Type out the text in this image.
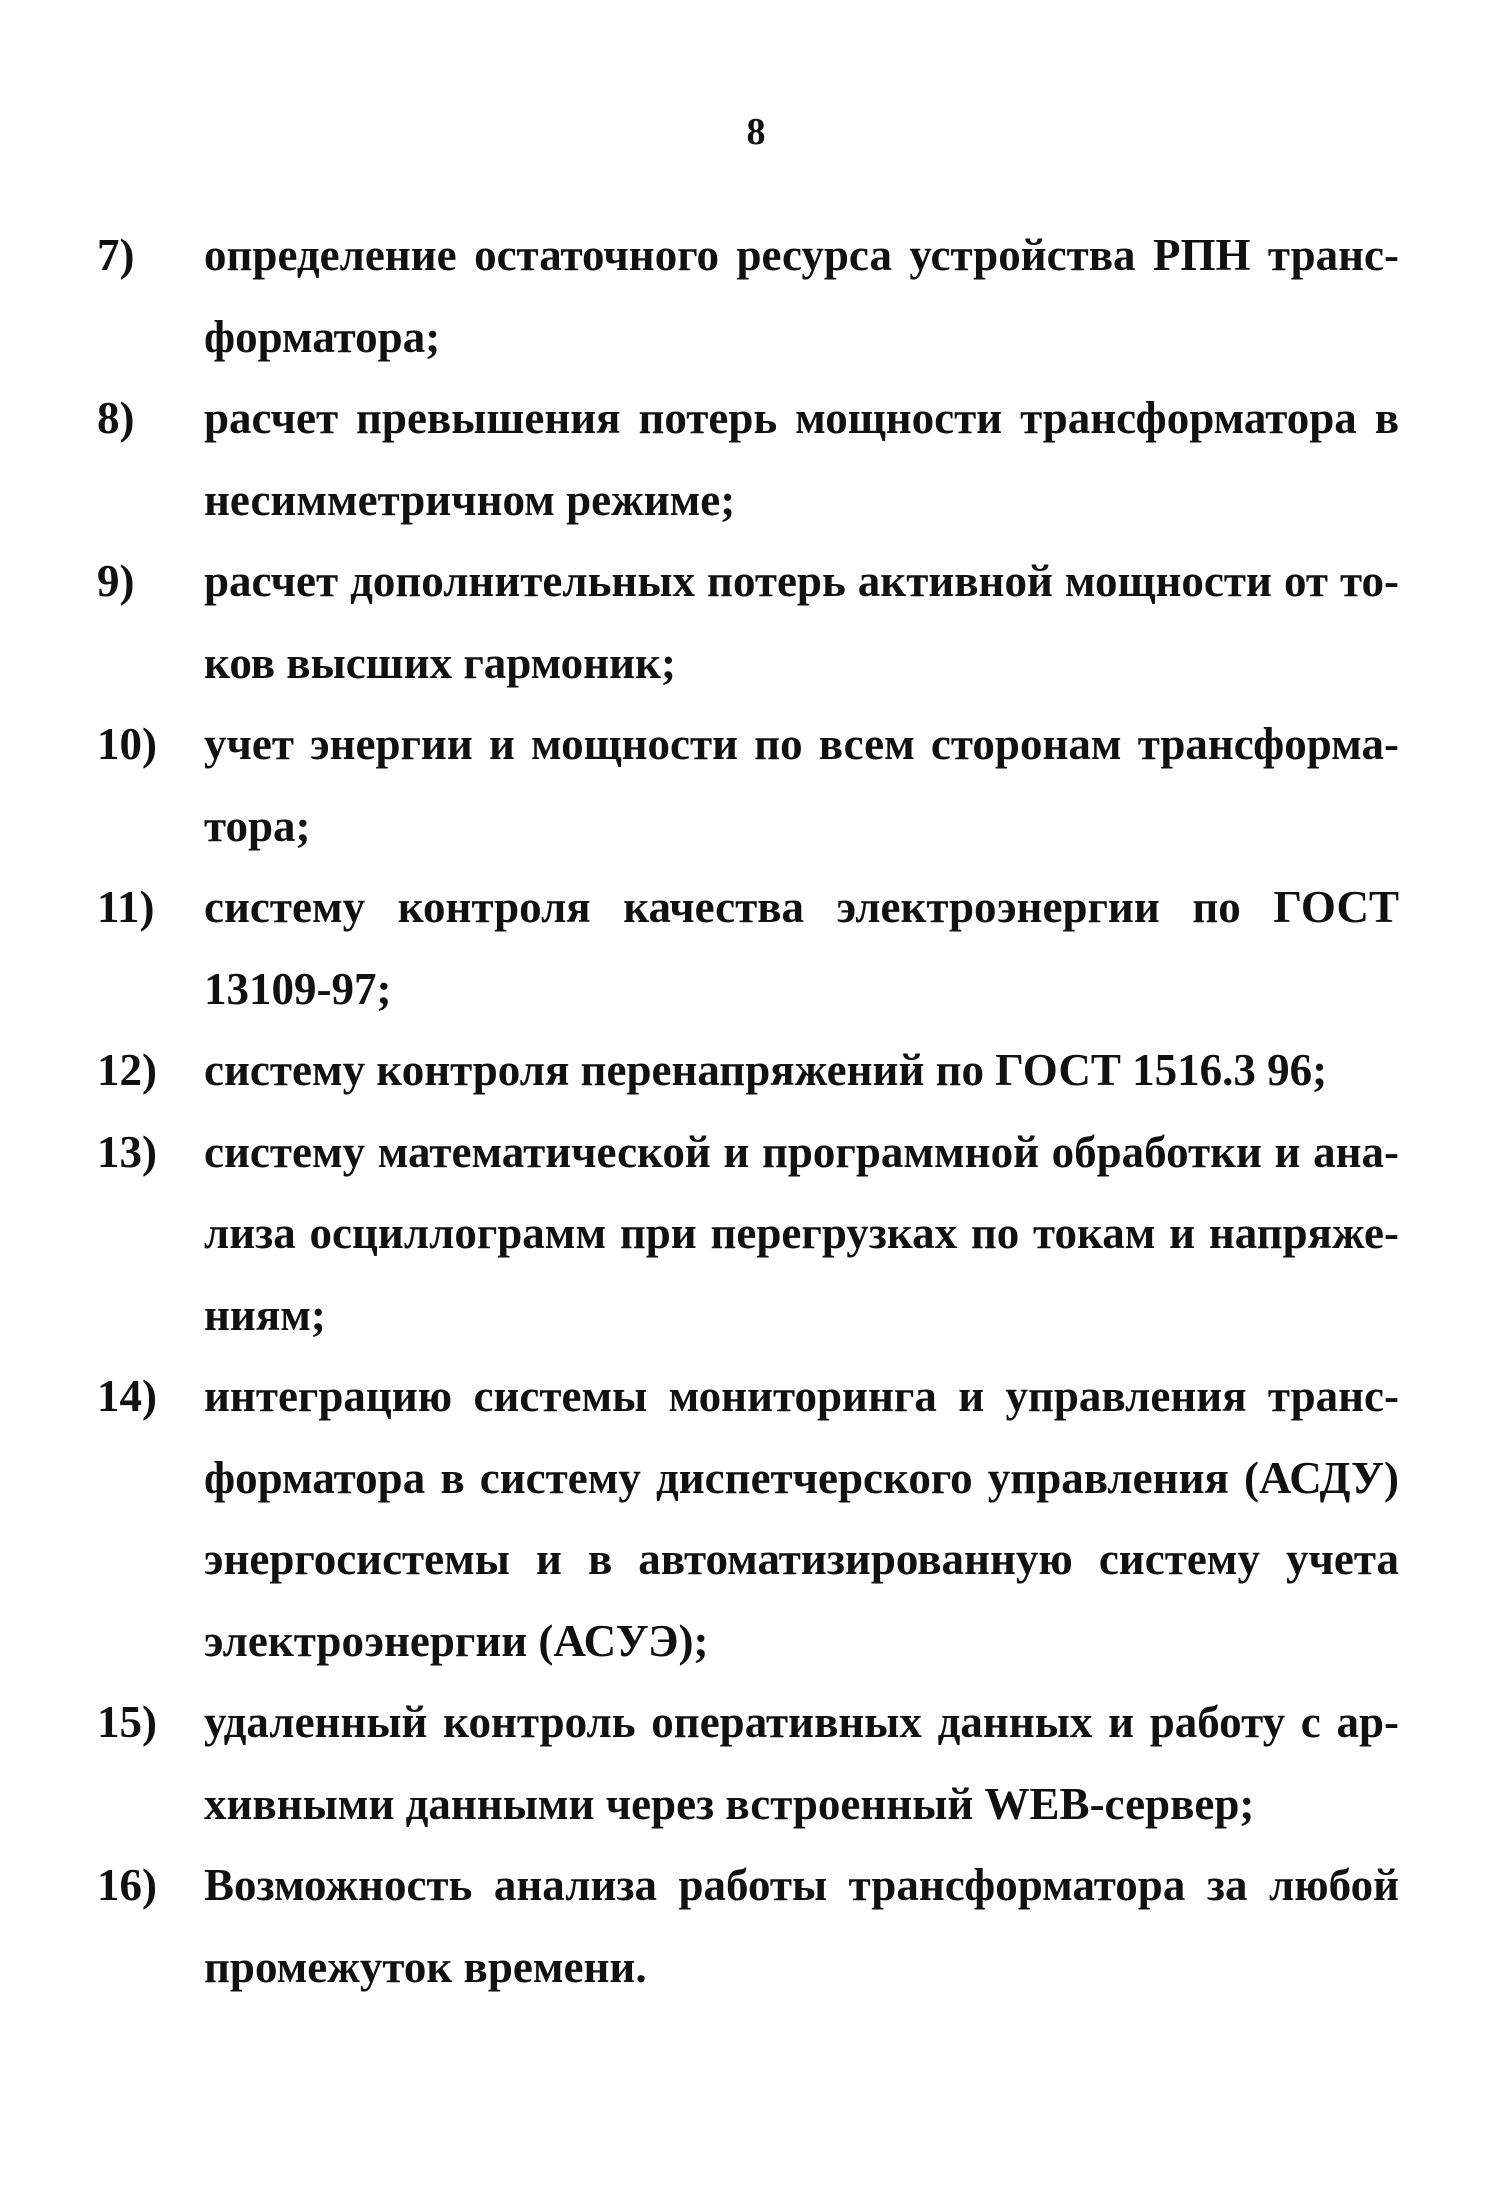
8
7) определение остаточного ресурса устройства РПН транс-форматора;
8) расчет превышения потерь мощности трансформатора в несимметричном режиме;
9) расчет дополнительных потерь активной мощности от то-ков высших гармоник;
10) учет энергии и мощности по всем сторонам трансформа-тора;
11) систему контроля качества электроэнергии по ГОСТ 13109-97;
12) систему контроля перенапряжений по ГОСТ 1516.3 96;
13) систему математической и программной обработки и ана-лиза осциллограмм при перегрузках по токам и напряже-ниям;
14) интеграцию системы мониторинга и управления транс-форматора в систему диспетчерского управления (АСДУ) энергосистемы и в автоматизированную систему учета электроэнергии (АСУЭ);
15) удаленный контроль оперативных данных и работу с ар-хивными данными через встроенный WEB-сервер;
16) Возможность анализа работы трансформатора за любой промежуток времени.
